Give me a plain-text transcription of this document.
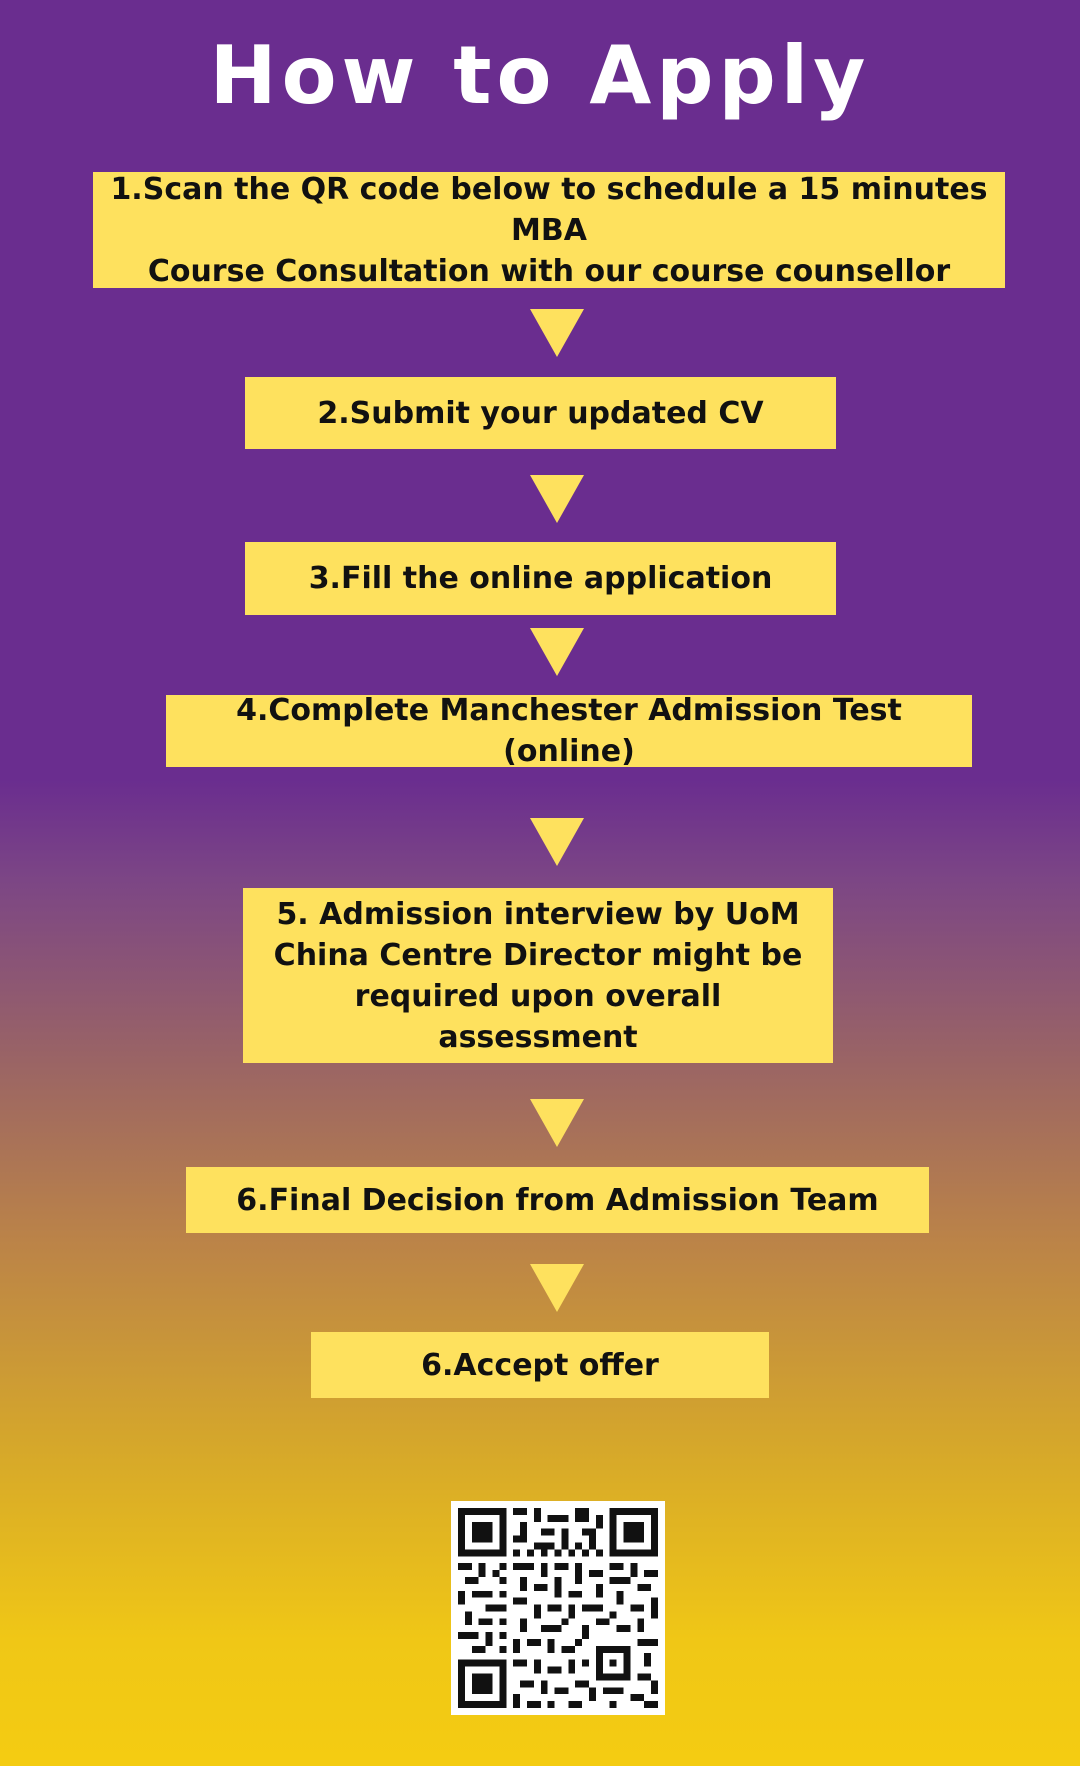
How to Apply
1.Scan the QR code below to schedule a 15 minutes MBA
Course Consultation with our course counsellor
2.Submit your updated CV
3.Fill the online application
4.Complete Manchester Admission Test (online)
5. Admission interview by UoM
China Centre Director might be
required upon overall assessment
6.Final Decision from Admission Team
6.Accept offer
